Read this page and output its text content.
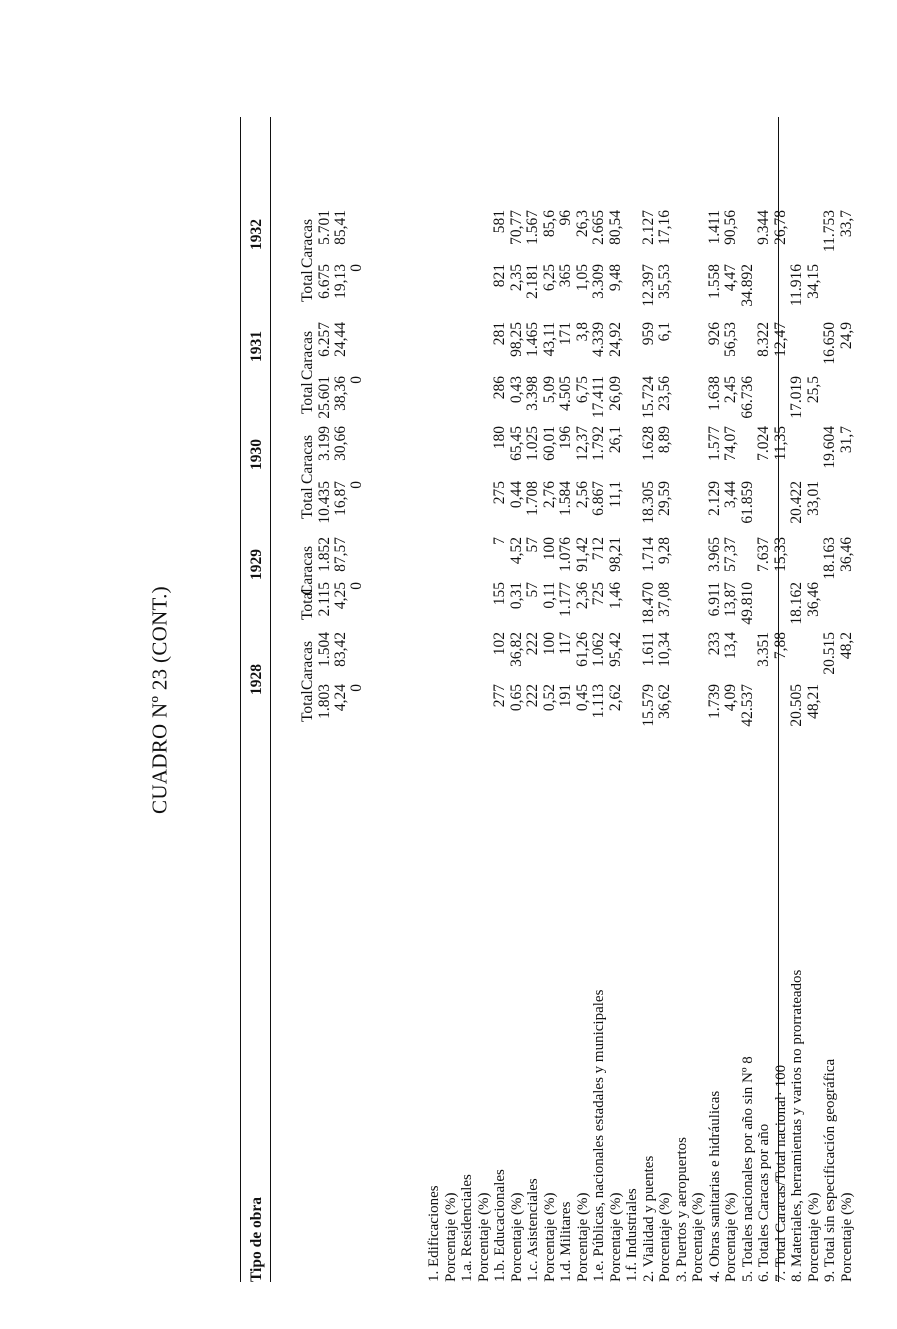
CUADRO Nº 23 (CONT.)
Tipo de obra
1928
1929
1930
1931
1932
Total
Caracas
Total
Caracas
Total
Caracas
Total
Caracas
Total
Caracas
1.803
1.504
2.115
1.852
10.435
3.199
25.601
6.257
6.675
5.701
4,24
83,42
4,25
87,57
16,87
30,66
38,36
24,44
19,13
85,41
0
0
0
0
0
1. Edificaciones Porcentaje (%) 1.a. Residenciales Porcentaje (%) 1.b. Educacionales
277
102
155
7
275
180
286
281
821
581
Porcentaje (%)
0,65
36,82
0,31
4,52
0,44
65,45
0,43
98,25
2,35
70,77
1.c. Asistenciales
222
222
57
57
1.708
1.025
3.398
1.465
2.181
1.567
Porcentaje (%)
0,52
100
0,11
100
2,76
60,01
5,09
43,11
6,25
85,6
1.d. Militares
191
117
1.177
1.076
1.584
196
4.505
171
365
96
Porcentaje (%)
0,45
61,26
2,36
91,42
2,56
12,37
6,75
3,8
1,05
26,3
1.e. Públicas, nacionales estadales y municipales
1.113
1.062
725
712
6.867
1.792
17.411
4.339
3.309
2.665
Porcentaje (%)
2,62
95,42
1,46
98,21
11,1
26,1
26,09
24,92
9,48
80,54
1.f. Industriales 2. Vialidad y puentes
15.579
1.611
18.470
1.714
18.305
1.628
15.724
959
12.397
2.127
Porcentaje (%)
36,62
10,34
37,08
9,28
29,59
8,89
23,56
6,1
35,53
17,16
3. Puertos y aeropuertos Porcentaje (%) 4. Obras sanitarias e hidráulicas
1.739
233
6.911
3.965
2.129
1.577
1.638
926
1.558
1.411
Porcentaje (%)
4,09
13,4
13,87
57,37
3,44
74,07
2,45
56,53
4,47
90,56
5. Totales nacionales por año sin Nº 8
42.537
49.810
61.859
66.736
34.892
6. Totales Caracas por año
3.351
7.637
7.024
8.322
9.344
7. Total Caracas/Total nacional· 100
7,88
15,33
11,35
12,47
26,78
8. Materiales, herramientas y varios no prorrateados
20.505
18.162
20.422
17.019
11.916
Porcentaje (%)
48,21
36,46
33,01
25,5
34,15
9. Total sin especificación geográfica
20.515
18.163
19.604
16.650
11.753
Porcentaje (%)
48,2
36,46
31,7
24,9
33,7
